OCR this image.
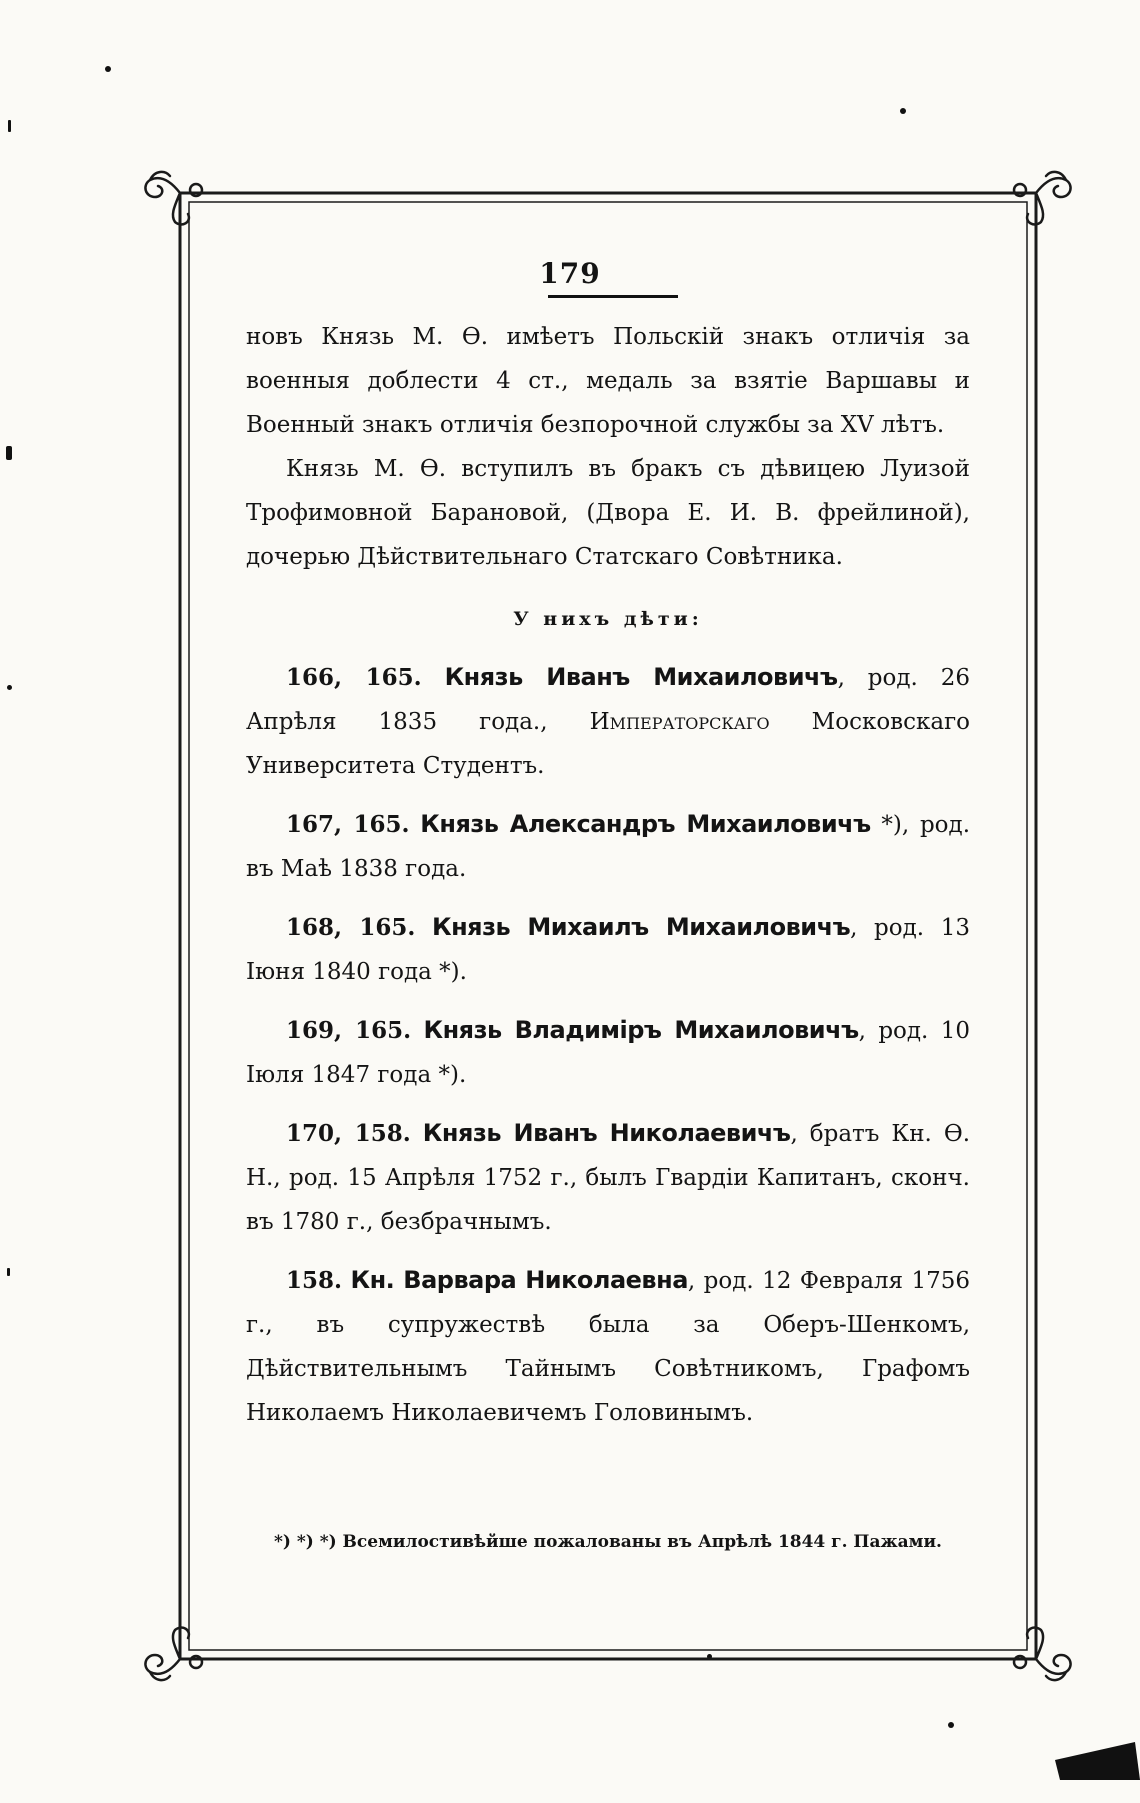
179

новъ Князь М. Ѳ. имѣетъ Польскій знакъ отличія за военныя доблести 4 ст., медаль за взятіе Варшавы и Военный знакъ отличія безпорочной службы за XV лѣтъ.

Князь М. Ѳ. вступилъ въ бракъ съ дѣвицею Луизой Трофимовной Барановой, (Двора Е. И. В. фрейлиной), дочерью Дѣйствительнаго Статскаго Совѣтника.

У нихъ дѣти:

166, 165. Князь Иванъ Михаиловичъ, род. 26 Апрѣля 1835 года., Императорскаго Московскаго Университета Студентъ.

167, 165. Князь Александръ Михаиловичъ *), род. въ Маѣ 1838 года.

168, 165. Князь Михаилъ Михаиловичъ, род. 13 Іюня 1840 года *).

169, 165. Князь Владиміръ Михаиловичъ, род. 10 Іюля 1847 года *).

170, 158. Князь Иванъ Николаевичъ, братъ Кн. Ѳ. Н., род. 15 Апрѣля 1752 г., былъ Гвардіи Капитанъ, сконч. въ 1780 г., безбрачнымъ.

158. Кн. Варвара Николаевна, род. 12 Февраля 1756 г., въ супружествѣ была за Оберъ-Шенкомъ, Дѣйствительнымъ Тайнымъ Совѣтникомъ, Графомъ Николаемъ Николаевичемъ Головинымъ.

*) *) *) Всемилостивѣйше пожалованы въ Апрѣлѣ 1844 г. Пажами.
